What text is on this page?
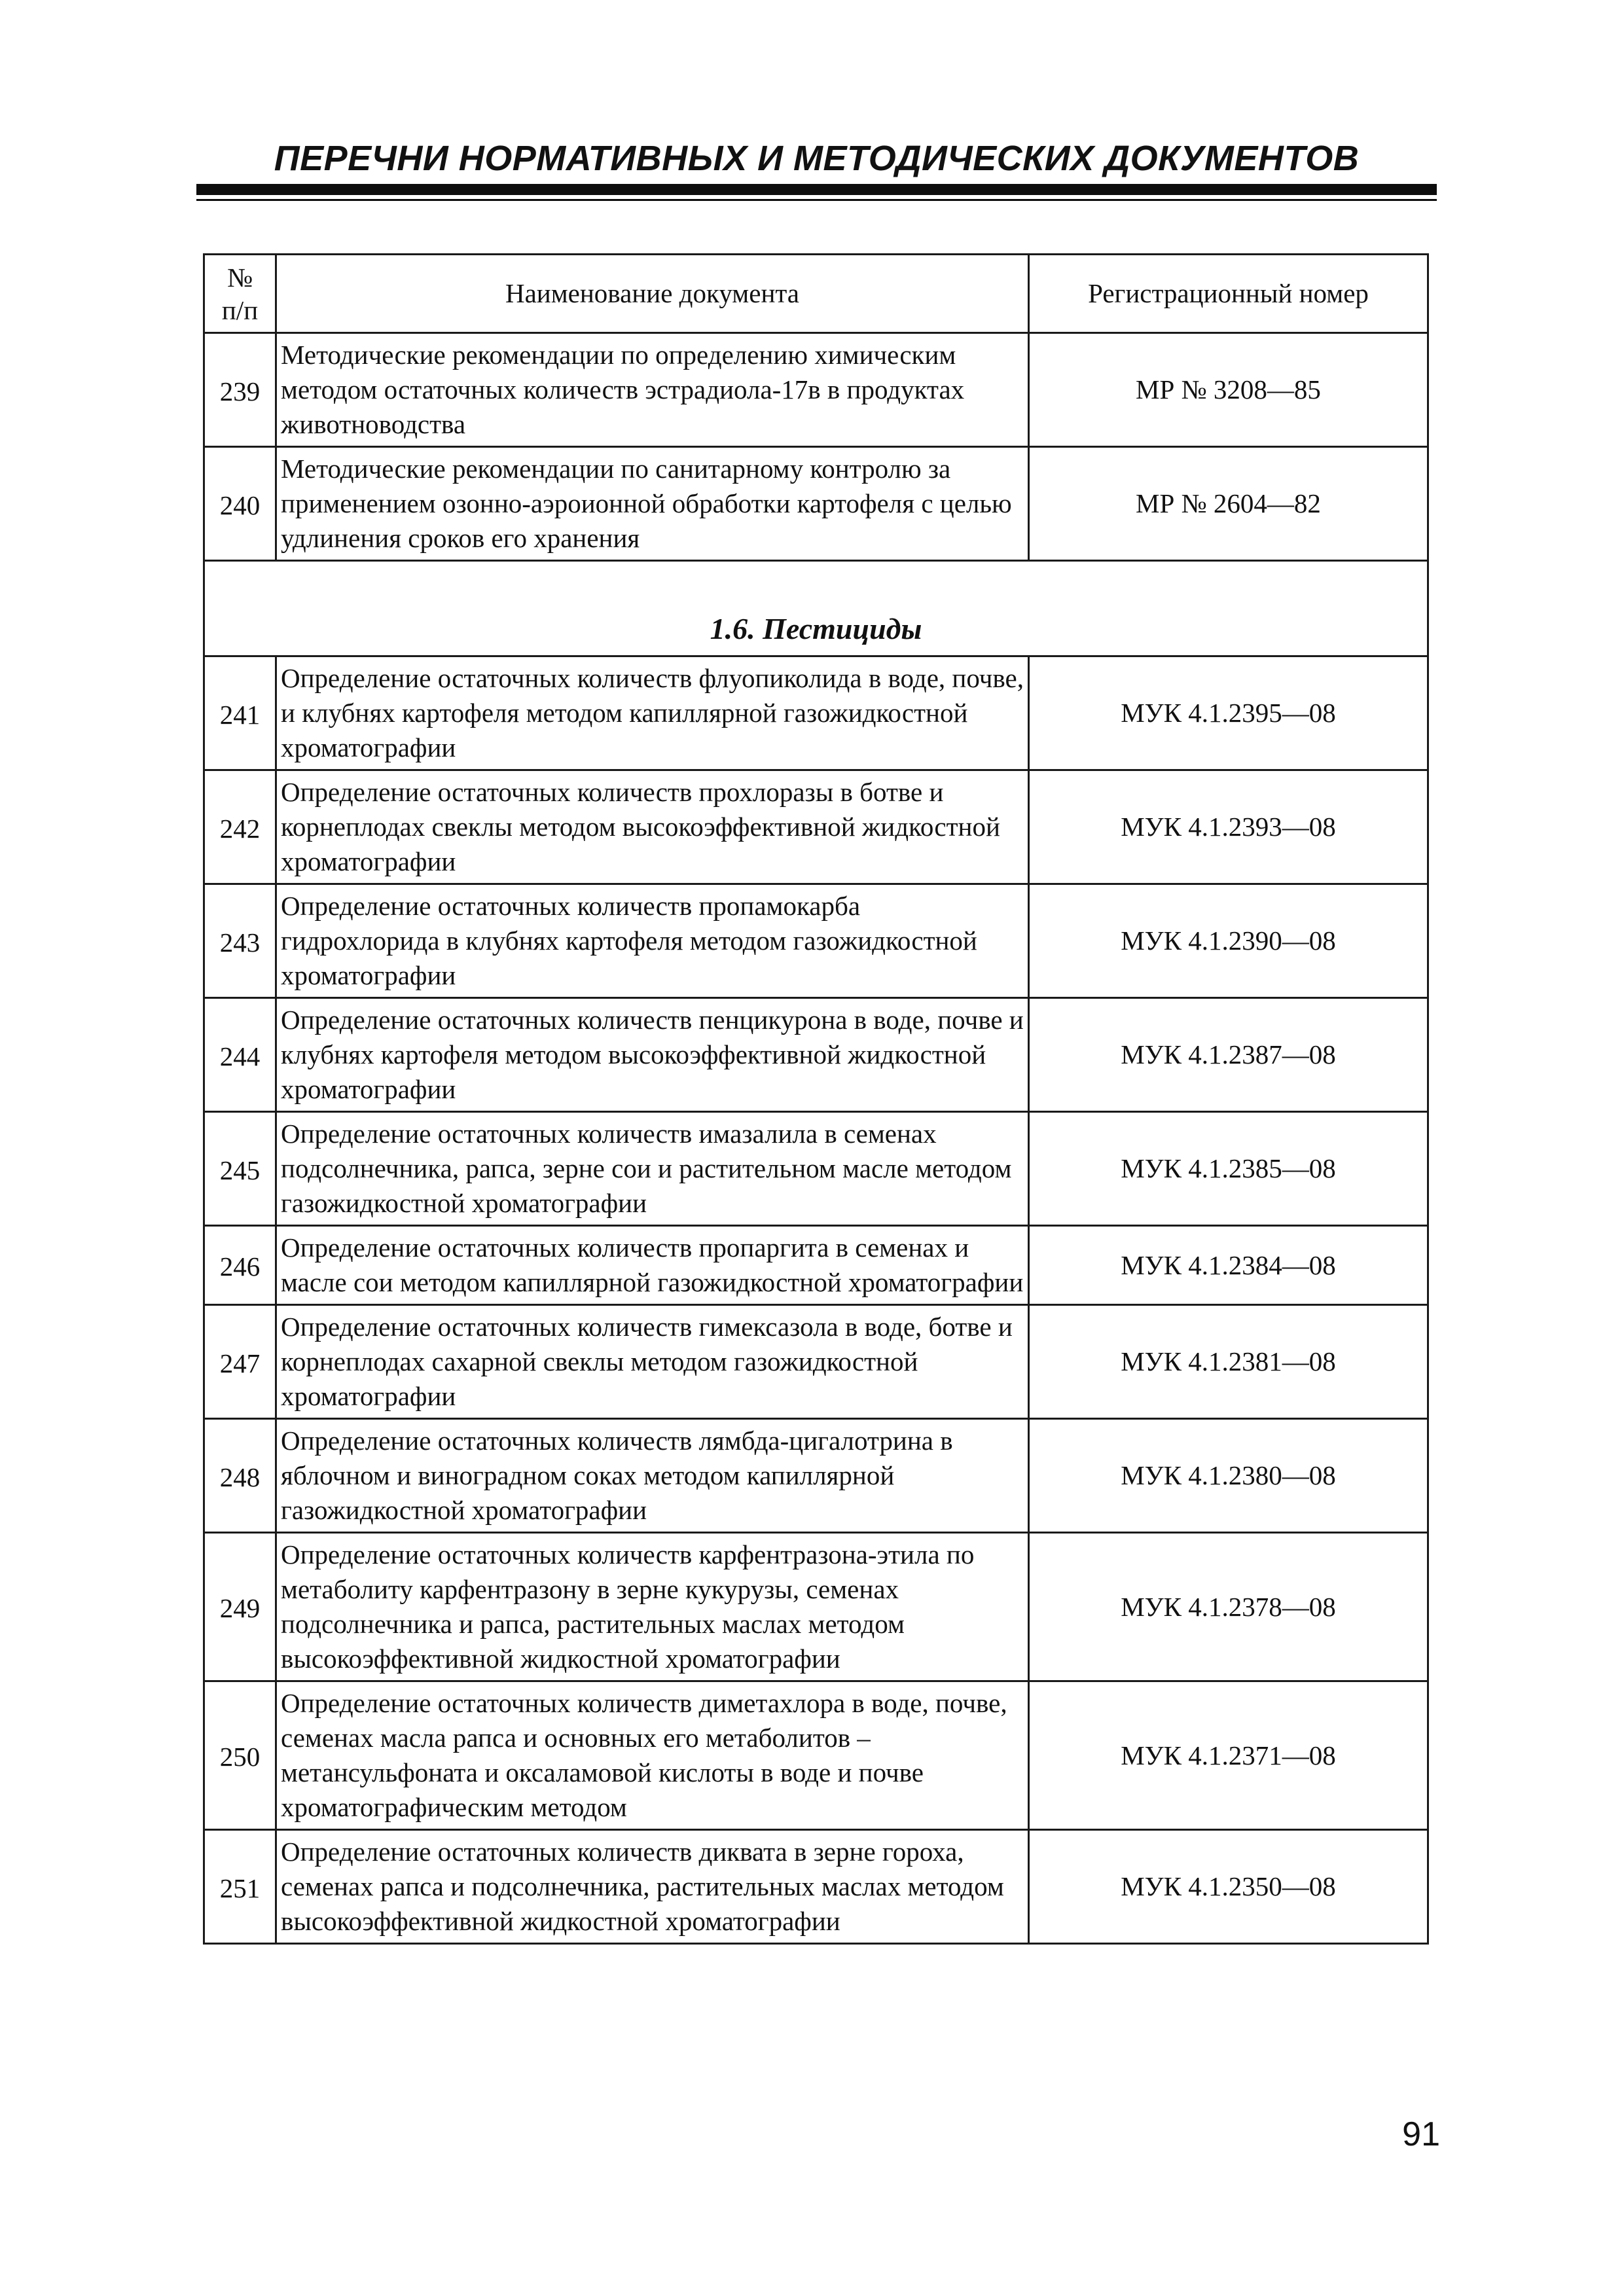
ПЕРЕЧНИ НОРМАТИВНЫХ И МЕТОДИЧЕСКИХ ДОКУМЕНТОВ
№
п/п	Наименование документа	Регистрационный номер
239	Методические рекомендации по определению химическим методом остаточных количеств эстрадиола-17в в продуктах животноводства	МР № 3208—85
240	Методические рекомендации по санитарному контролю за применением озонно-аэроионной обработки картофеля с целью удлинения сроков его хранения	МР № 2604—82
1.6. Пестициды		
241	Определение остаточных количеств флуопиколида в воде, почве, и клубнях картофеля методом капиллярной газожидкостной хроматографии	МУК 4.1.2395—08
242	Определение остаточных количеств прохлоразы в ботве и корнеплодах свеклы методом высокоэффективной жидкостной хроматографии	МУК 4.1.2393—08
243	Определение остаточных количеств пропамокарба гидрохлорида в клубнях картофеля методом газожидкостной хроматографии	МУК 4.1.2390—08
244	Определение остаточных количеств пенцикурона в воде, почве и клубнях картофеля методом высокоэффективной жидкостной хроматографии	МУК 4.1.2387—08
245	Определение остаточных количеств имазалила в семенах подсолнечника, рапса, зерне сои и растительном масле методом газожидкостной хроматографии	МУК 4.1.2385—08
246	Определение остаточных количеств пропаргита в семенах и масле сои методом капиллярной газожидкостной хроматографии	МУК 4.1.2384—08
247	Определение остаточных количеств гимексазола в воде, ботве и корнеплодах сахарной свеклы методом газожидкостной хроматографии	МУК 4.1.2381—08
248	Определение остаточных количеств лямбда-цигалотрина в яблочном и виноградном соках методом капиллярной газожидкостной хроматографии	МУК 4.1.2380—08
249	Определение остаточных количеств карфентразона-этила по метаболиту карфентразону в зерне кукурузы, семенах подсолнечника и рапса, растительных маслах методом высокоэффективной жидкостной хроматографии	МУК 4.1.2378—08
250	Определение остаточных количеств диметахлора в воде, почве, семенах масла рапса и основных его метаболитов – метансульфоната и оксаламовой кислоты в воде и почве хроматографическим методом	МУК 4.1.2371—08
251	Определение остаточных количеств диквата в зерне гороха, семенах рапса и подсолнечника, растительных маслах методом высокоэффективной жидкостной хроматографии	МУК 4.1.2350—08
91
